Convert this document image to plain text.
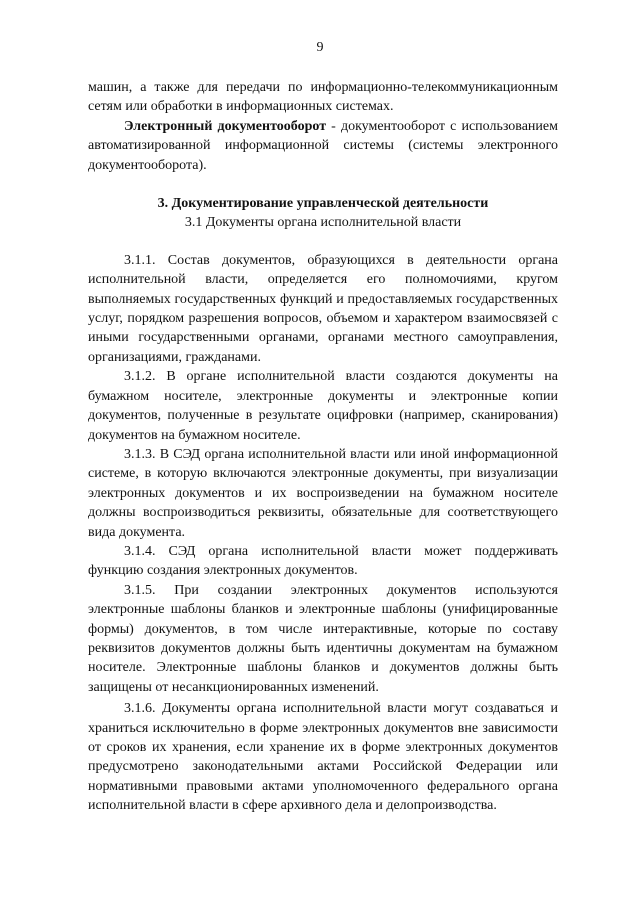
9

машин, а также для передачи по информационно-телекоммуникационным сетям или обработки в информационных системах.

Электронный документооборот - документооборот с использованием автоматизированной информационной системы (системы электронного документооборота).

3. Документирование управленческой деятельности

3.1 Документы органа исполнительной власти

3.1.1. Состав документов, образующихся в деятельности органа исполнительной власти, определяется его полномочиями, кругом выполняемых государственных функций и предоставляемых государственных услуг, порядком разрешения вопросов, объемом и характером взаимосвязей с иными государственными органами, органами местного самоуправления, организациями, гражданами.

3.1.2. В органе исполнительной власти создаются документы на бумажном носителе, электронные документы и электронные копии документов, полученные в результате оцифровки (например, сканирования) документов на бумажном носителе.

3.1.3. В СЭД органа исполнительной власти или иной информационной системе, в которую включаются электронные документы, при визуализации электронных документов и их воспроизведении на бумажном носителе должны воспроизводиться реквизиты, обязательные для соответствующего вида документа.

3.1.4. СЭД органа исполнительной власти может поддерживать функцию создания электронных документов.

3.1.5. При создании электронных документов используются электронные шаблоны бланков и электронные шаблоны (унифицированные формы) документов, в том числе интерактивные, которые по составу реквизитов документов должны быть идентичны документам на бумажном носителе. Электронные шаблоны бланков и документов должны быть защищены от несанкционированных изменений.

3.1.6. Документы органа исполнительной власти могут создаваться и храниться исключительно в форме электронных документов вне зависимости от сроков их хранения, если хранение их в форме электронных документов предусмотрено законодательными актами Российской Федерации или нормативными правовыми актами уполномоченного федерального органа исполнительной власти в сфере архивного дела и делопроизводства.
